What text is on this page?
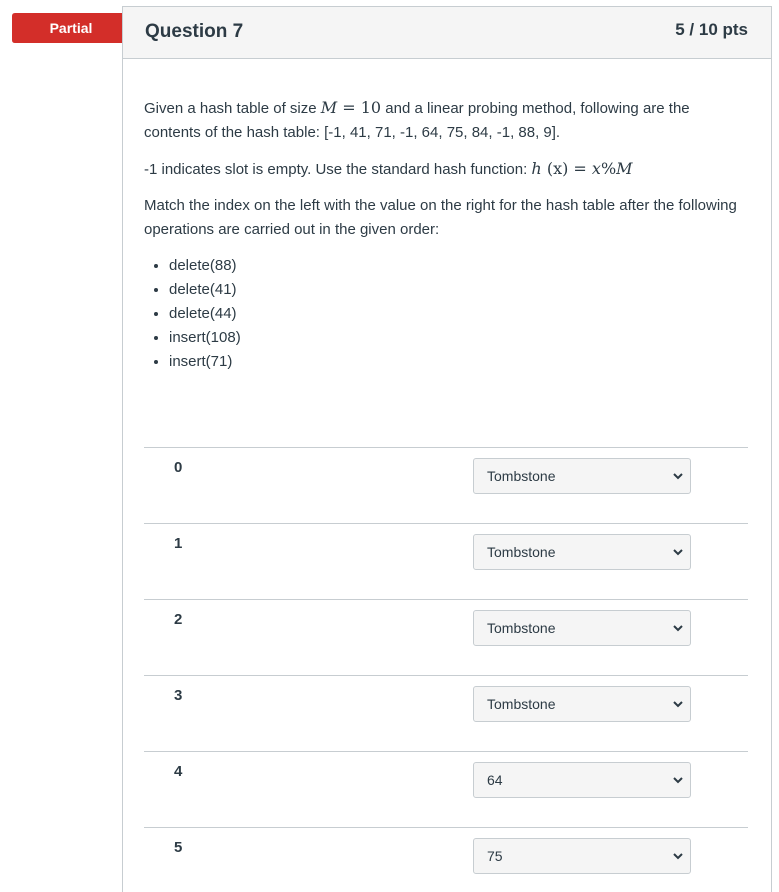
Partial	Question 7	5 / 10 pts

Given a hash table of size M = 10 and a linear probing method, following are the contents of the hash table: [-1, 41, 71, -1, 64, 75, 84, -1, 88, 9].

-1 indicates slot is empty. Use the standard hash function: h (x) = x%M

Match the index on the left with the value on the right for the hash table after the following operations are carried out in the given order:

• delete(88)
• delete(41)
• delete(44)
• insert(108)
• insert(71)
0	Tombstone
1	Tombstone
2	Tombstone
3	Tombstone
4	64
5	75
